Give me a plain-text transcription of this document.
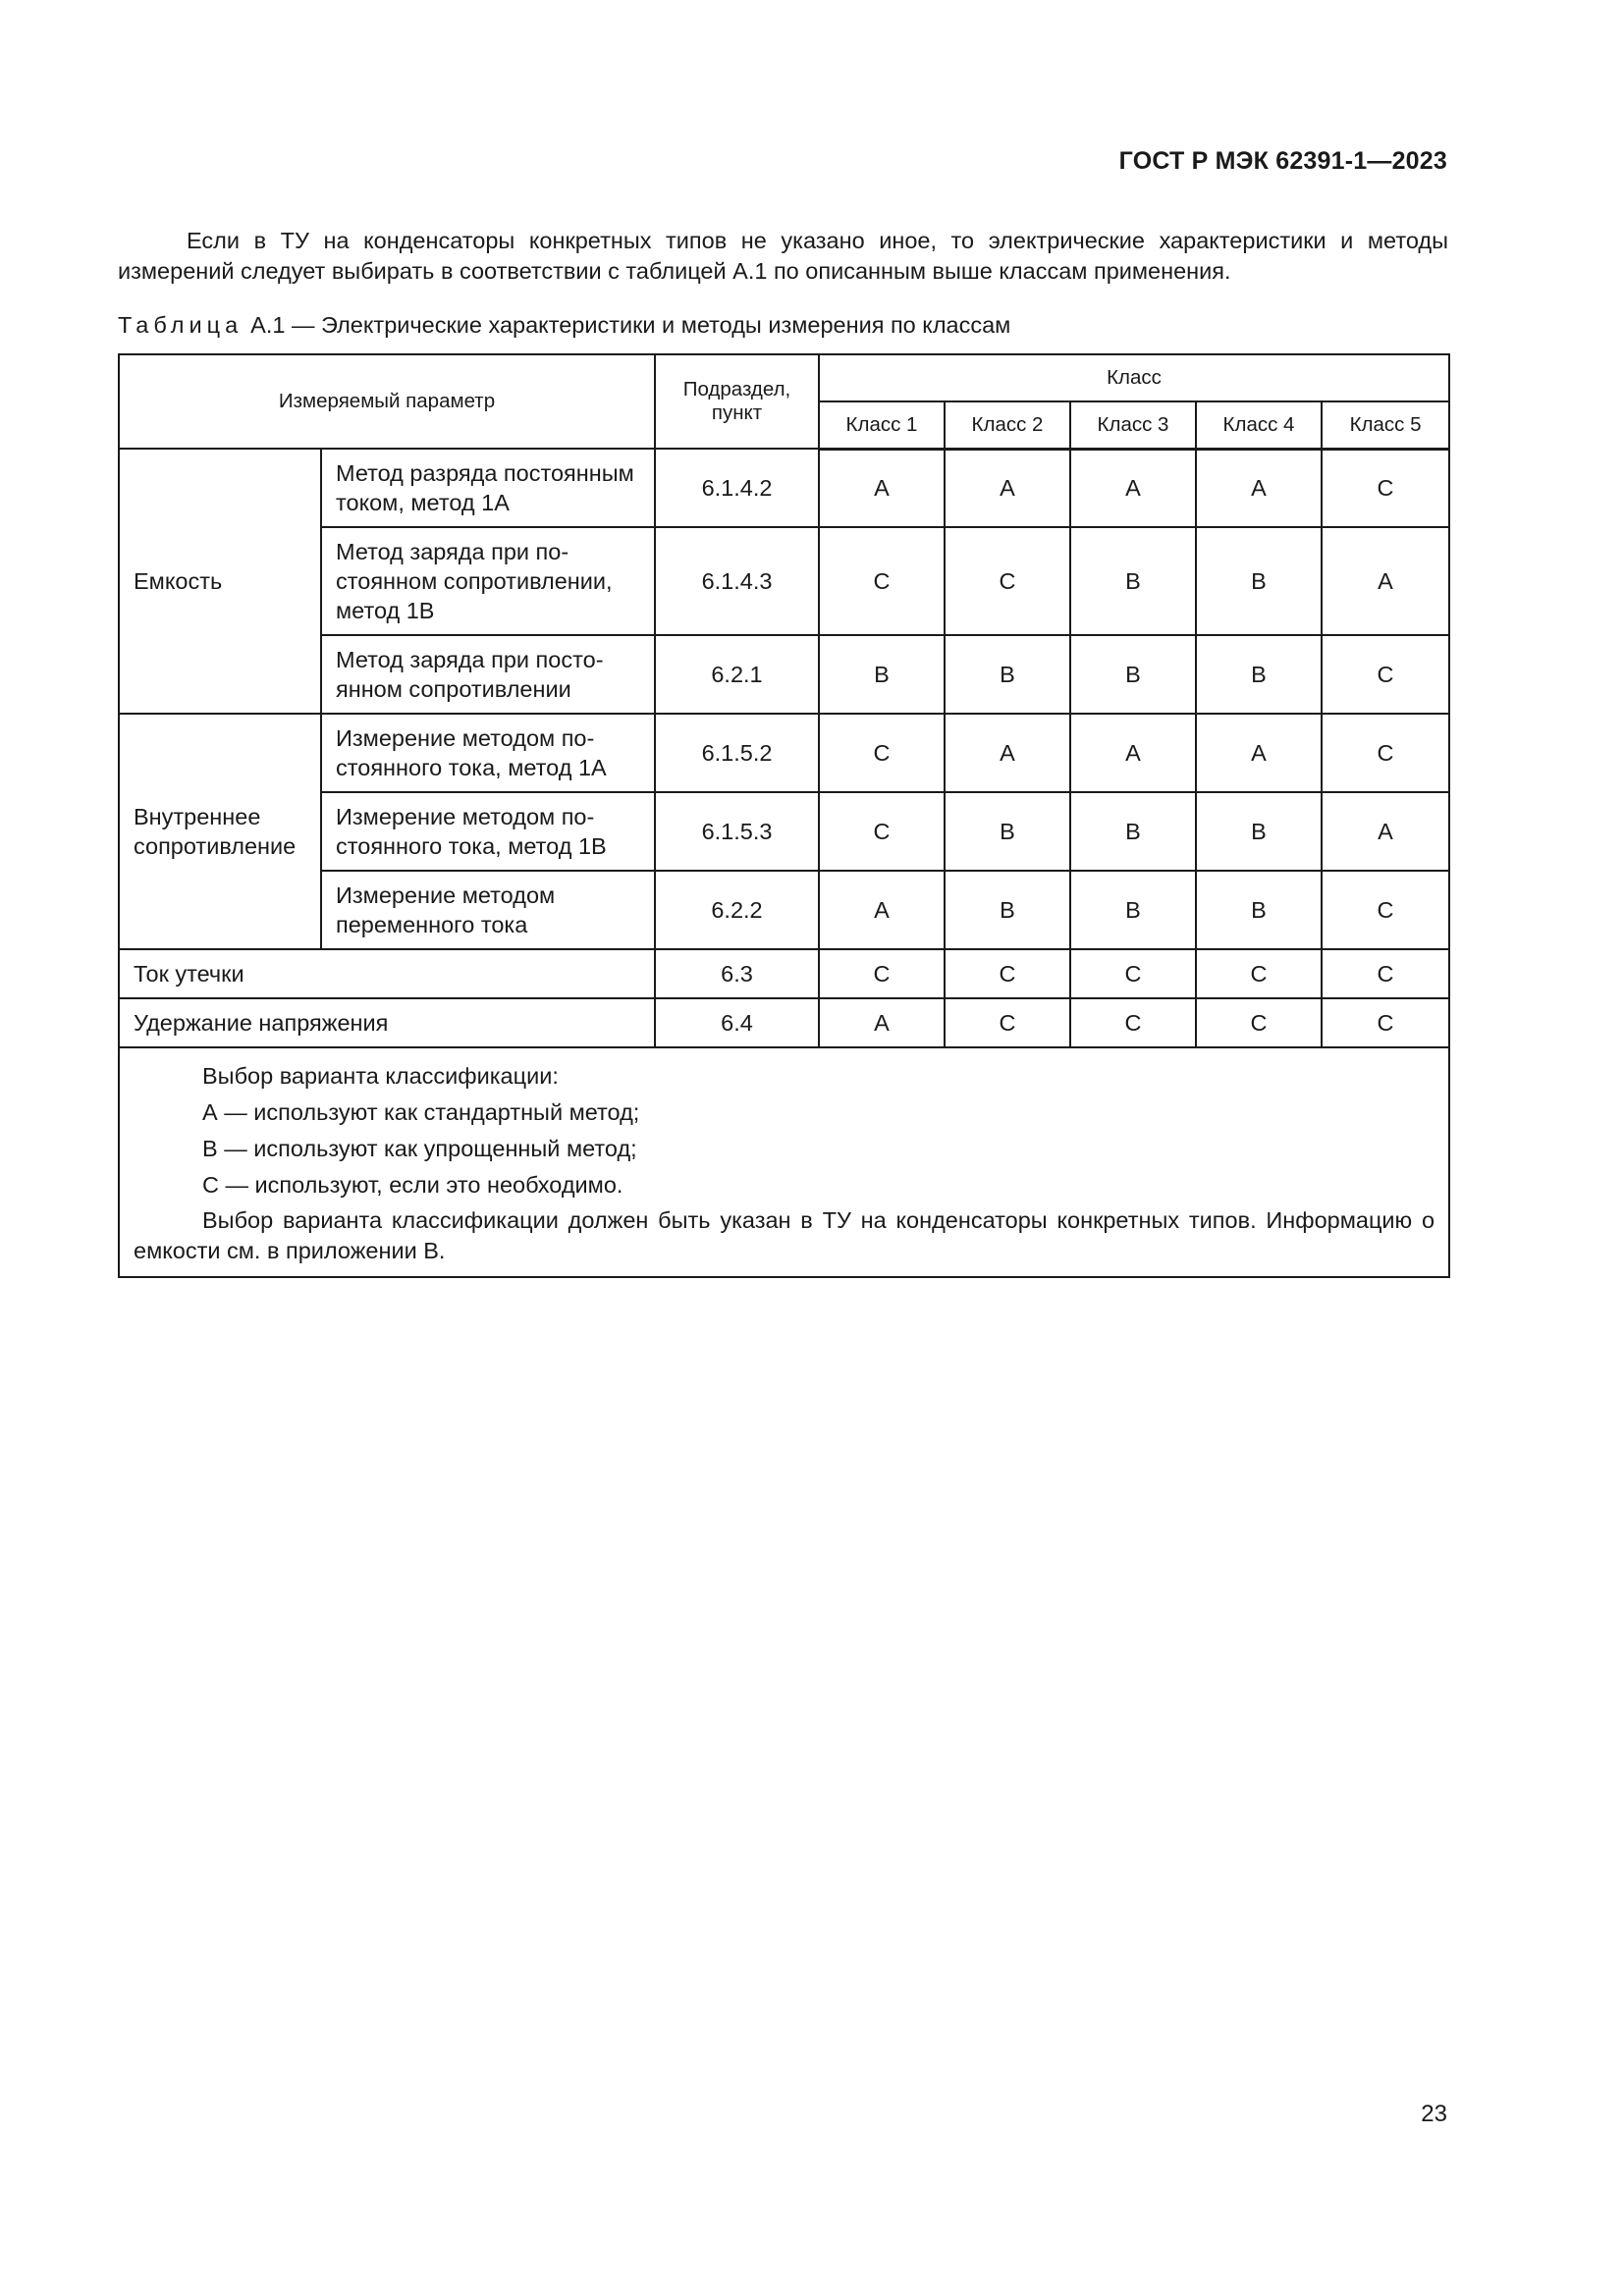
ГОСТ Р МЭК 62391-1—2023

Если в ТУ на конденсаторы конкретных типов не указано иное, то электрические характеристики и методы измерений следует выбирать в соответствии с таблицей А.1 по описанным выше классам применения.

Таблица А.1 — Электрические характеристики и методы измерения по классам
Измеряемый параметр		Подраздел, пункт	Класс				
			Класс 1	Класс 2	Класс 3	Класс 4	Класс 5
Емкость	Метод разряда постоянным током, метод 1А	6.1.4.2	A	A	A	A	C
	Метод заряда при постоянном сопротивлении, метод 1В	6.1.4.3	C	C	B	B	A
	Метод заряда при постоянном сопротивлении	6.2.1	B	B	B	B	C
Внутреннее сопротивление	Измерение методом постоянного тока, метод 1А	6.1.5.2	C	A	A	A	C
	Измерение методом постоянного тока, метод 1В	6.1.5.3	C	B	B	B	A
	Измерение методом переменного тока	6.2.2	A	B	B	B	C
Ток утечки		6.3	C	C	C	C	C
Удержание напряжения		6.4	A	C	C	C	C

Выбор варианта классификации:

А — используют как стандартный метод;

В — используют как упрощенный метод;

С — используют, если это необходимо.

Выбор варианта классификации должен быть указан в ТУ на конденсаторы конкретных типов. Информацию о емкости см. в приложении В.							

23
